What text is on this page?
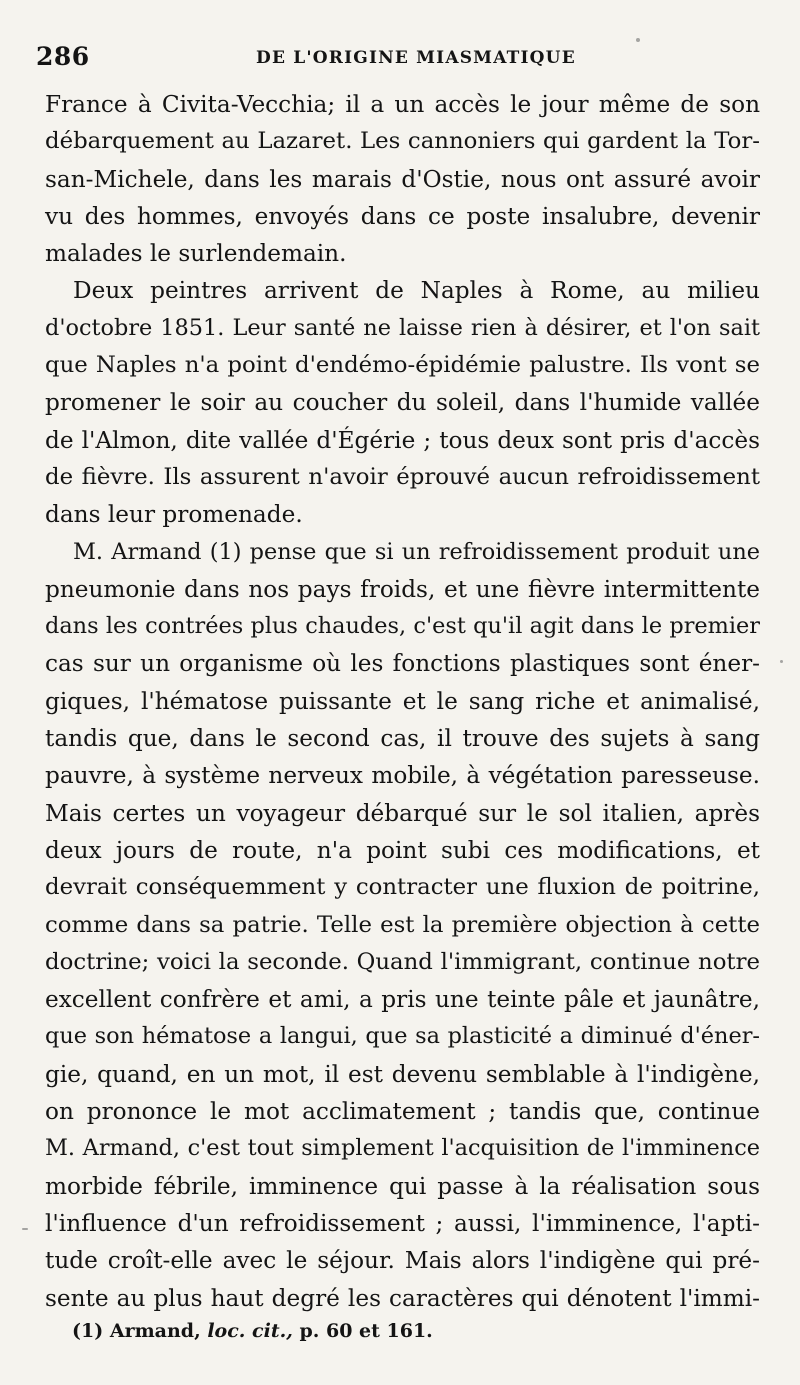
286	DE L'ORIGINE MIASMATIQUE
France à Civita-Vecchia; il a un accès le jour même de son
débarquement au Lazaret. Les cannoniers qui gardent la Tor-
san-Michele, dans les marais d'Ostie, nous ont assuré avoir
vu des hommes, envoyés dans ce poste insalubre, devenir
malades le surlendemain.
Deux peintres arrivent de Naples à Rome, au milieu
d'octobre 1851. Leur santé ne laisse rien à désirer, et l'on sait
que Naples n'a point d'endémo-épidémie palustre. Ils vont se
promener le soir au coucher du soleil, dans l'humide vallée
de l'Almon, dite vallée d'Égérie ; tous deux sont pris d'accès
de fièvre. Ils assurent n'avoir éprouvé aucun refroidissement
dans leur promenade.
M. Armand (1) pense que si un refroidissement produit une
pneumonie dans nos pays froids, et une fièvre intermittente
dans les contrées plus chaudes, c'est qu'il agit dans le premier
cas sur un organisme où les fonctions plastiques sont éner-
giques, l'hématose puissante et le sang riche et animalisé,
tandis que, dans le second cas, il trouve des sujets à sang
pauvre, à système nerveux mobile, à végétation paresseuse.
Mais certes un voyageur débarqué sur le sol italien, après
deux jours de route, n'a point subi ces modifications, et
devrait conséquemment y contracter une fluxion de poitrine,
comme dans sa patrie. Telle est la première objection à cette
doctrine; voici la seconde. Quand l'immigrant, continue notre
excellent confrère et ami, a pris une teinte pâle et jaunâtre,
que son hématose a langui, que sa plasticité a diminué d'éner-
gie, quand, en un mot, il est devenu semblable à l'indigène,
on prononce le mot acclimatement ; tandis que, continue
M. Armand, c'est tout simplement l'acquisition de l'imminence
morbide fébrile, imminence qui passe à la réalisation sous
l'influence d'un refroidissement ; aussi, l'imminence, l'apti-
tude croît-elle avec le séjour. Mais alors l'indigène qui pré-
sente au plus haut degré les caractères qui dénotent l'immi-
(1) Armand, loc. cit., p. 60 et 161.
